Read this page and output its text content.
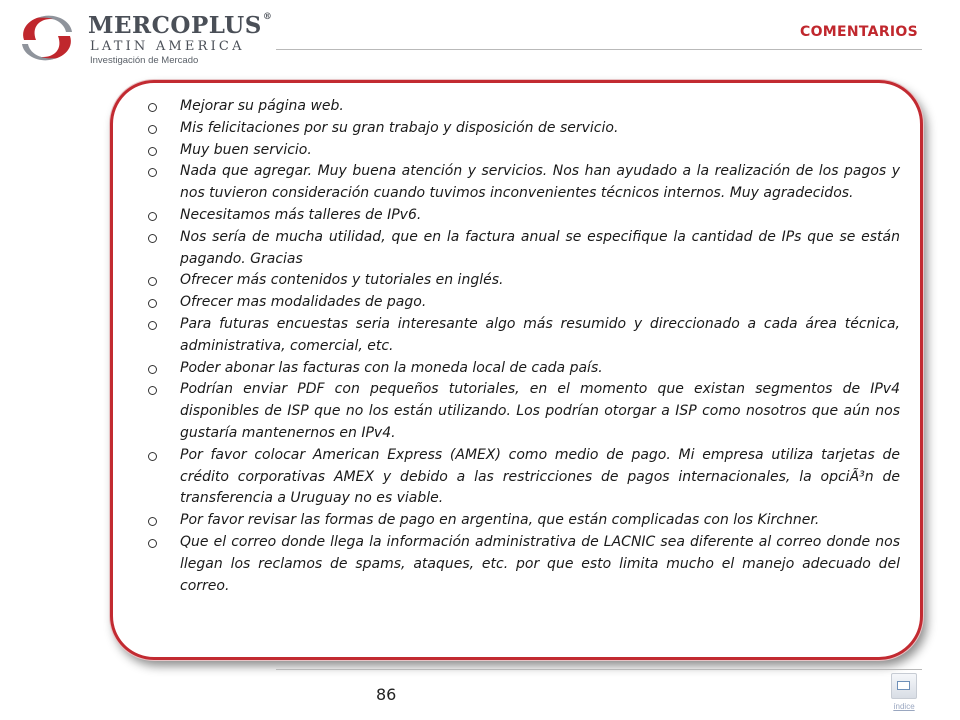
MERCOPLUS®
LATIN AMERICA
Investigación de Mercado
COMENTARIOS
Mejorar su página web.
Mis felicitaciones por su gran trabajo y disposición de servicio.
Muy buen servicio.
Nada que agregar. Muy buena atención y servicios. Nos han ayudado a la realización de los pagos y nos tuvieron consideración cuando tuvimos inconvenientes técnicos internos. Muy agradecidos.
Necesitamos más talleres de IPv6.
Nos sería de mucha utilidad, que en la factura anual se especifique la cantidad de IPs que se están pagando. Gracias
Ofrecer más contenidos y tutoriales en inglés.
Ofrecer mas modalidades de pago.
Para futuras encuestas seria interesante algo más resumido y direccionado a cada área técnica, administrativa, comercial, etc.
Poder abonar las facturas con la moneda local de cada país.
Podrían enviar PDF con pequeños tutoriales, en el momento que existan segmentos de IPv4 disponibles de ISP que no los están utilizando. Los podrían otorgar a ISP como nosotros que aún nos gustaría mantenernos en IPv4.
Por favor colocar American Express (AMEX) como medio de pago. Mi empresa utiliza tarjetas de crédito corporativas AMEX y debido a las restricciones de pagos internacionales, la opciÃ³n de transferencia a Uruguay no es viable.
Por favor revisar las formas de pago en argentina, que están complicadas con los Kirchner.
Que el correo donde llega la información administrativa de LACNIC sea diferente al correo donde nos llegan los reclamos de spams, ataques, etc. por que esto limita mucho el manejo adecuado del correo.
86
índice
